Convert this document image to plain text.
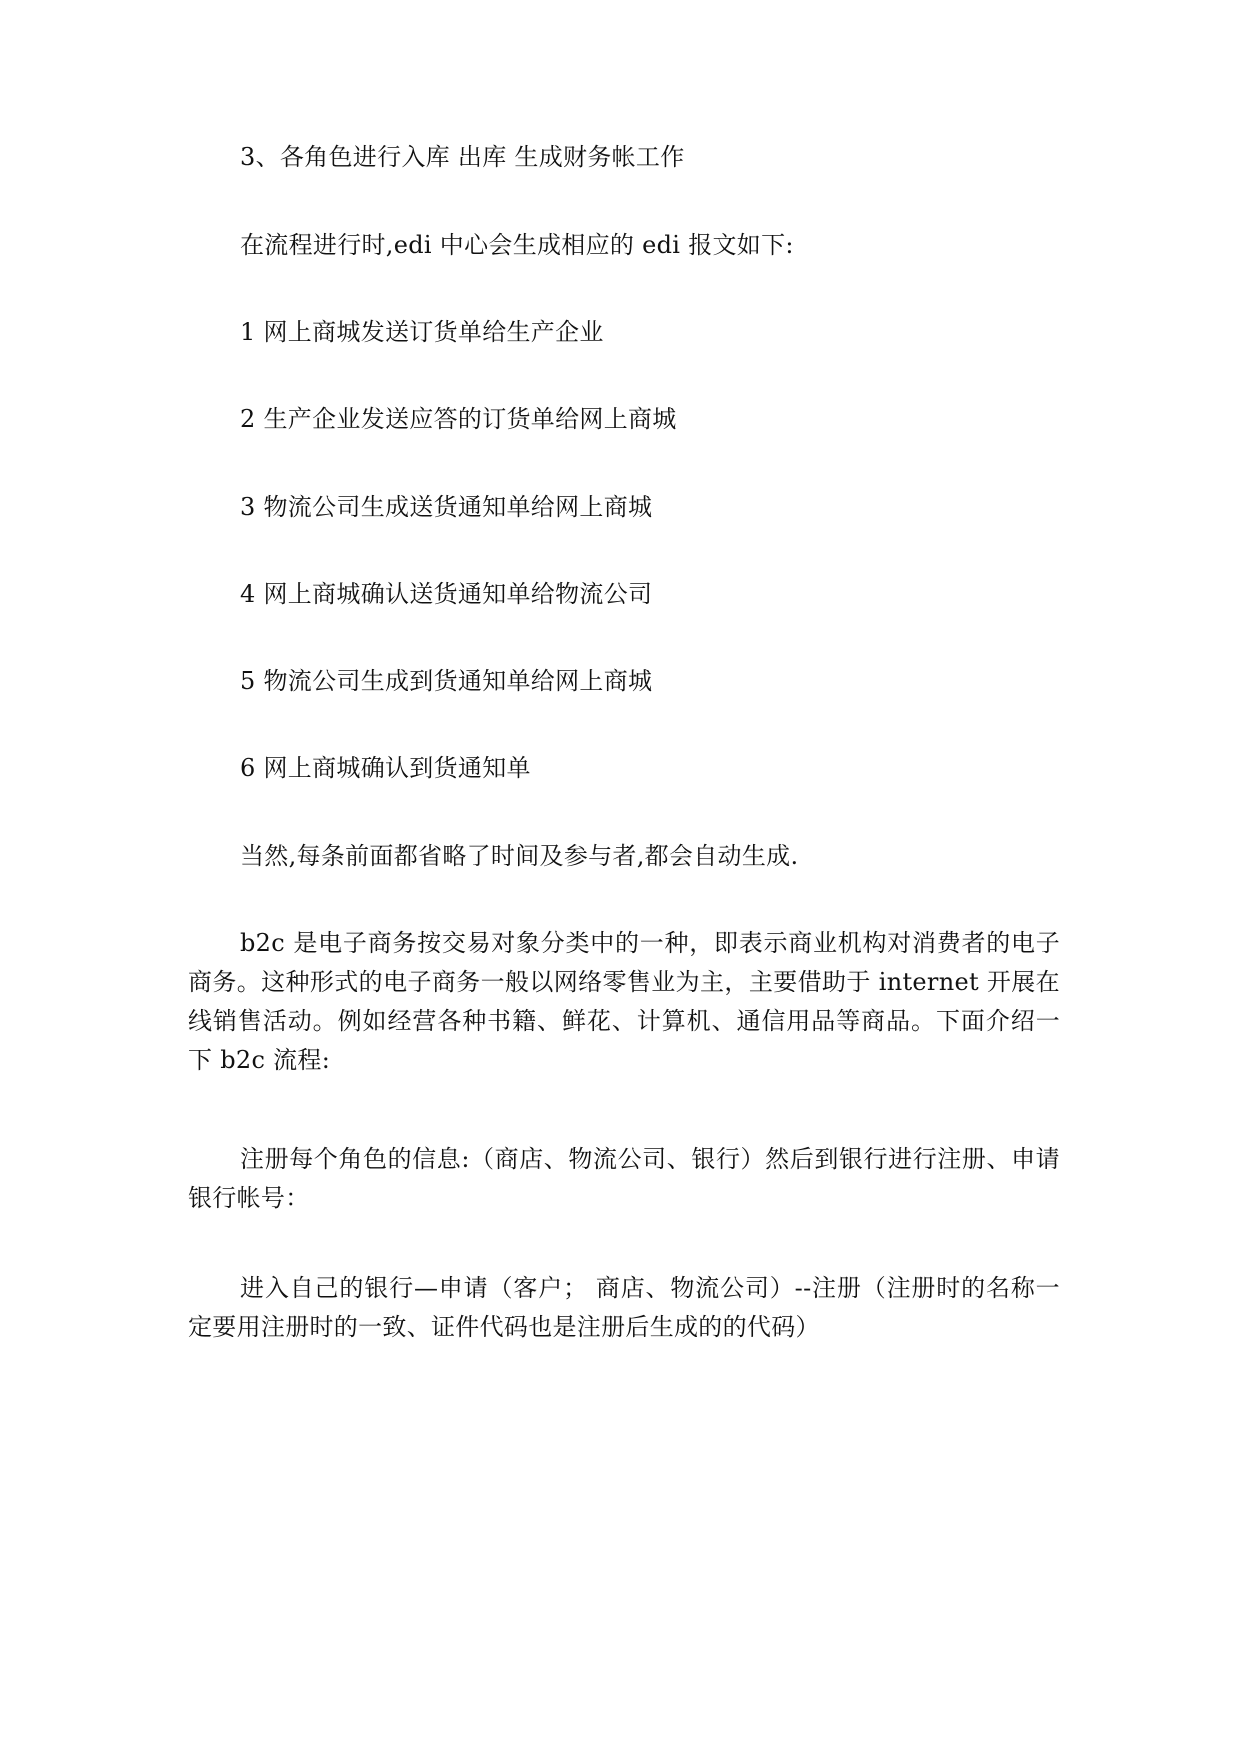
3、各角色进行入库 出库 生成财务帐工作

在流程进行时,edi 中心会生成相应的 edi 报文如下:

1 网上商城发送订货单给生产企业

2 生产企业发送应答的订货单给网上商城

3 物流公司生成送货通知单给网上商城

4 网上商城确认送货通知单给物流公司

5 物流公司生成到货通知单给网上商城

6 网上商城确认到货通知单

当然,每条前面都省略了时间及参与者,都会自动生成.

b2c 是电子商务按交易对象分类中的一种，即表示商业机构对消费者的电子商务。这种形式的电子商务一般以网络零售业为主，主要借助于 internet 开展在线销售活动。例如经营各种书籍、鲜花、计算机、通信用品等商品。下面介绍一下 b2c 流程:

注册每个角色的信息:（商店、物流公司、银行）然后到银行进行注册、申请银行帐号：

进入自己的银行—申请（客户； 商店、物流公司）--注册（注册时的名称一定要用注册时的一致、证件代码也是注册后生成的的代码）
